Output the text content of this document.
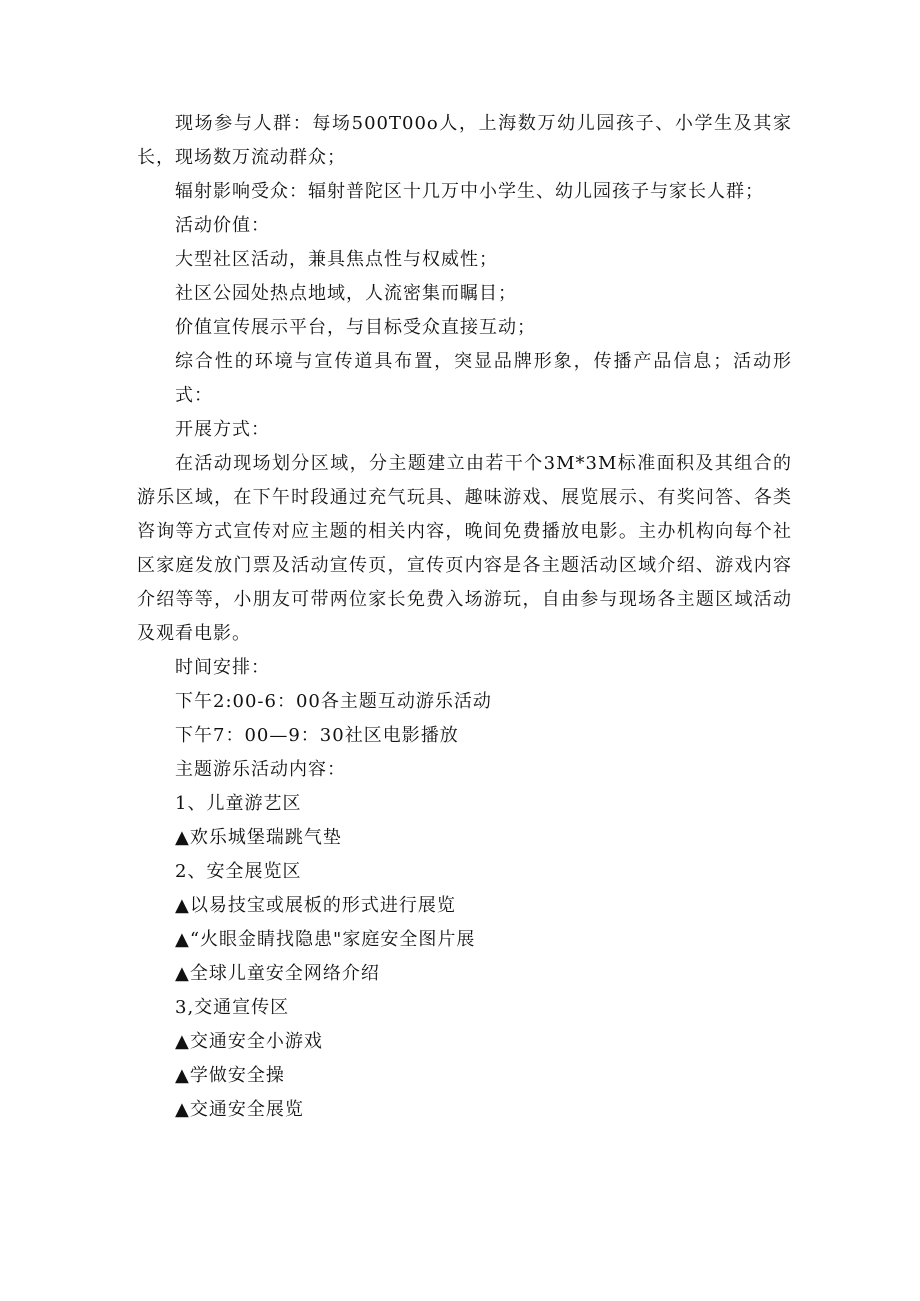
现场参与人群：每场500T00o人，上海数万幼儿园孩子、小学生及其家长，现场数万流动群众；

辐射影响受众：辐射普陀区十几万中小学生、幼儿园孩子与家长人群；

活动价值：

大型社区活动，兼具焦点性与权威性；

社区公园处热点地域，人流密集而瞩目；

价值宣传展示平台，与目标受众直接互动；

综合性的环境与宣传道具布置，突显品牌形象，传播产品信息；活动形式：

开展方式：

在活动现场划分区域，分主题建立由若干个3M*3M标准面积及其组合的游乐区域，在下午时段通过充气玩具、趣味游戏、展览展示、有奖问答、各类咨询等方式宣传对应主题的相关内容，晚间免费播放电影。主办机构向每个社区家庭发放门票及活动宣传页，宣传页内容是各主题活动区域介绍、游戏内容介绍等等，小朋友可带两位家长免费入场游玩，自由参与现场各主题区域活动及观看电影。

时间安排：

下午2:00-6：00各主题互动游乐活动

下午7：00—9：30社区电影播放

主题游乐活动内容：

1、儿童游艺区

▲欢乐城堡瑞跳气垫

2、安全展览区

▲以易技宝或展板的形式进行展览

▲“火眼金睛找隐患"家庭安全图片展

▲全球儿童安全网络介绍

3,交通宣传区

▲交通安全小游戏

▲学做安全操

▲交通安全展览
